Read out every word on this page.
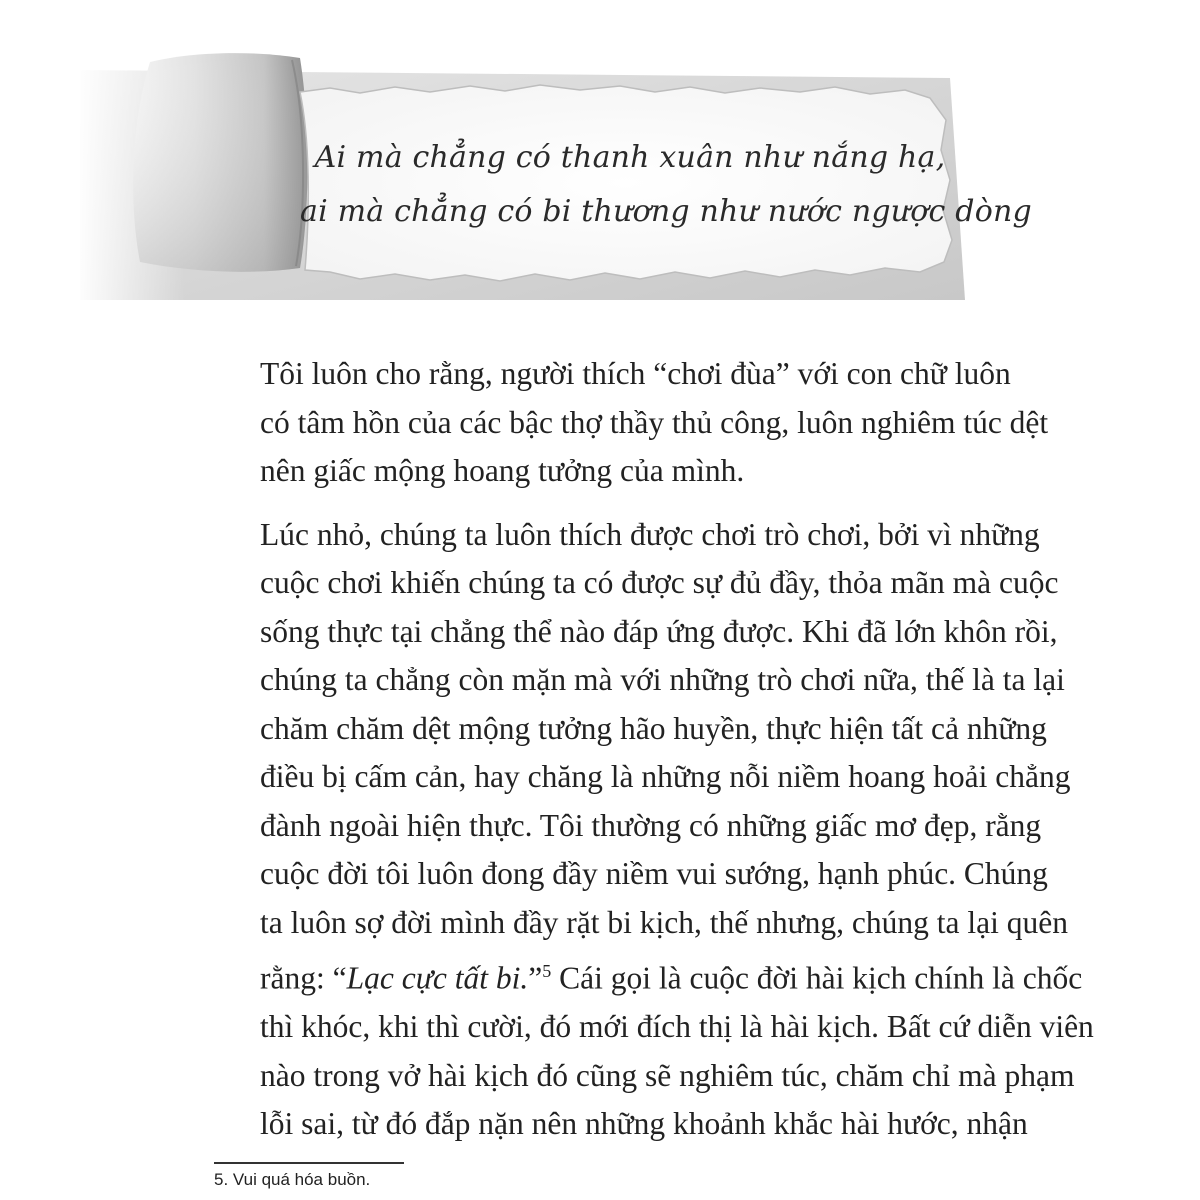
Ai mà chẳng có thanh xuân như nắng hạ,
ai mà chẳng có bi thương như nước ngược dòng

Tôi luôn cho rằng, người thích “chơi đùa” với con chữ luôn
có tâm hồn của các bậc thợ thầy thủ công, luôn nghiêm túc dệt
nên giấc mộng hoang tưởng của mình.

Lúc nhỏ, chúng ta luôn thích được chơi trò chơi, bởi vì những
cuộc chơi khiến chúng ta có được sự đủ đầy, thỏa mãn mà cuộc
sống thực tại chẳng thể nào đáp ứng được. Khi đã lớn khôn rồi,
chúng ta chẳng còn mặn mà với những trò chơi nữa, thế là ta lại
chăm chăm dệt mộng tưởng hão huyền, thực hiện tất cả những
điều bị cấm cản, hay chăng là những nỗi niềm hoang hoải chẳng
đành ngoài hiện thực. Tôi thường có những giấc mơ đẹp, rằng
cuộc đời tôi luôn đong đầy niềm vui sướng, hạnh phúc. Chúng
ta luôn sợ đời mình đầy rặt bi kịch, thế nhưng, chúng ta lại quên
rằng: “Lạc cực tất bi.”$^5$ Cái gọi là cuộc đời hài kịch chính là chốc
thì khóc, khi thì cười, đó mới đích thị là hài kịch. Bất cứ diễn viên
nào trong vở hài kịch đó cũng sẽ nghiêm túc, chăm chỉ mà phạm
lỗi sai, từ đó đắp nặn nên những khoảnh khắc hài hước, nhận

5. Vui quá hóa buồn.
